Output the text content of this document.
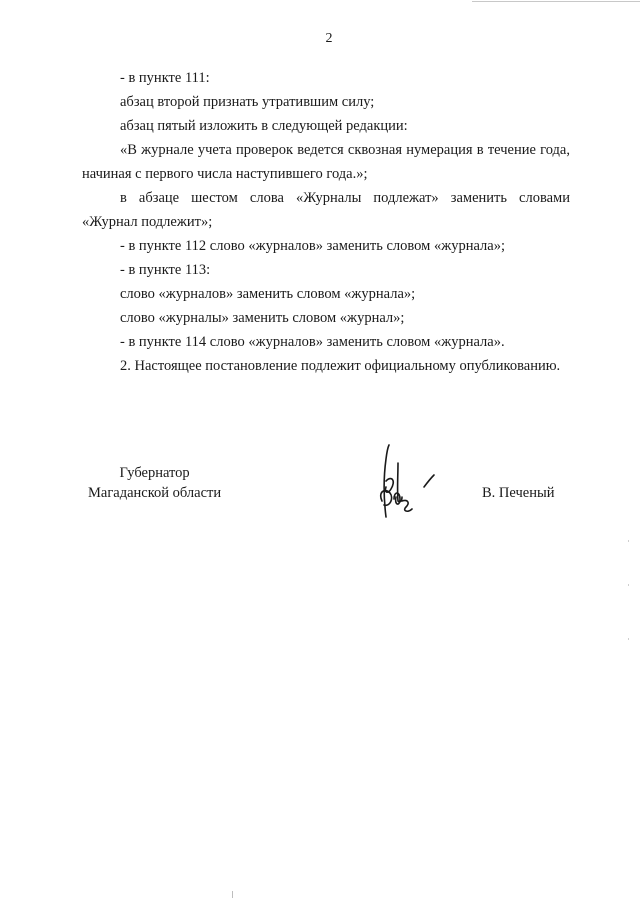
2

- в пункте 111:

абзац второй признать утратившим силу;

абзац пятый изложить в следующей редакции:

«В журнале учета проверок ведется сквозная нумерация в течение года, начиная с первого числа наступившего года.»;

в абзаце шестом слова «Журналы подлежат» заменить словами «Журнал подлежит»;

- в пункте 112 слово «журналов» заменить словом «журнала»;

- в пункте 113:

слово «журналов» заменить словом «журнала»;

слово «журналы» заменить словом «журнал»;

- в пункте 114 слово «журналов» заменить словом «журнала».

2. Настоящее постановление подлежит официальному опубликованию.

Губернатор
Магаданской области	В. Печеный
